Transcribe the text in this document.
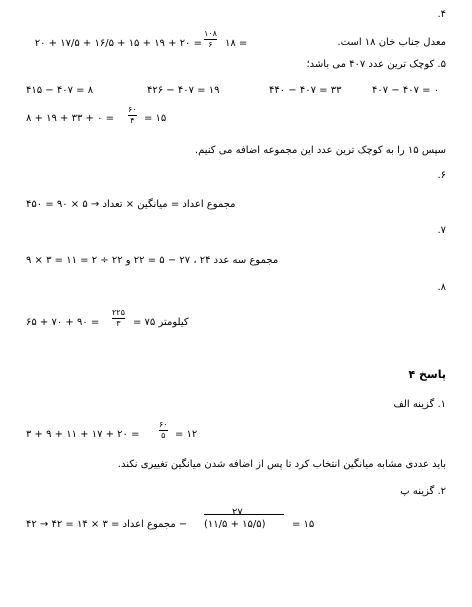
۴.
معدل جناب خان ۱۸ است.
۱۸ =
۱۰۸
۶
= ۲۰ + ۱۹ + ۱۵ + ۱۶/۵ + ۱۷/۵ + ۲۰
۵. کوچک ترین عدد ۴۰۷ می باشد؛
۴۰۷ − ۴۰۷ = ۰
۴۴۰ − ۴۰۷ = ۳۳
۴۲۶ − ۴۰۷ = ۱۹
۴۱۵ − ۴۰۷ = ۸
۸ + ۱۹ + ۳۳ + ۰ =
۶۰
۴ = ۱۵
سپس ۱۵ را به کوچک ترین عدد این مجموعه اضافه می کنیم.
۶.
مجموع اعداد = میانگین × تعداد → ۵ × ۹۰ = ۴۵۰
۷.
۹ × ۳ = مجموع سه عدد ۲۴ ، ۲۷ − ۵ = ۲۲ و ۲۲ ÷ ۲ = ۱۱
۸.
۶۵ + ۷۰ + ۹۰ =
۲۲۵
۳	= ۷۵ کیلومتر
پاسخ ۴
۱. گزینه الف
۳ + ۹ + ۱۱ + ۱۷ + ۲۰ =
۶۰
۵ = ۱۲
باید عددی مشابه میانگین انتخاب کرد تا پس از اضافه شدن میانگین تغییری نکند.
۲. گزینه پ
مجموع اعداد = ۳ × ۱۴ = ۴۲ → ۴۲ −
۲۷
(۱۱/۵ + ۱۵/۵)	= ۱۵
